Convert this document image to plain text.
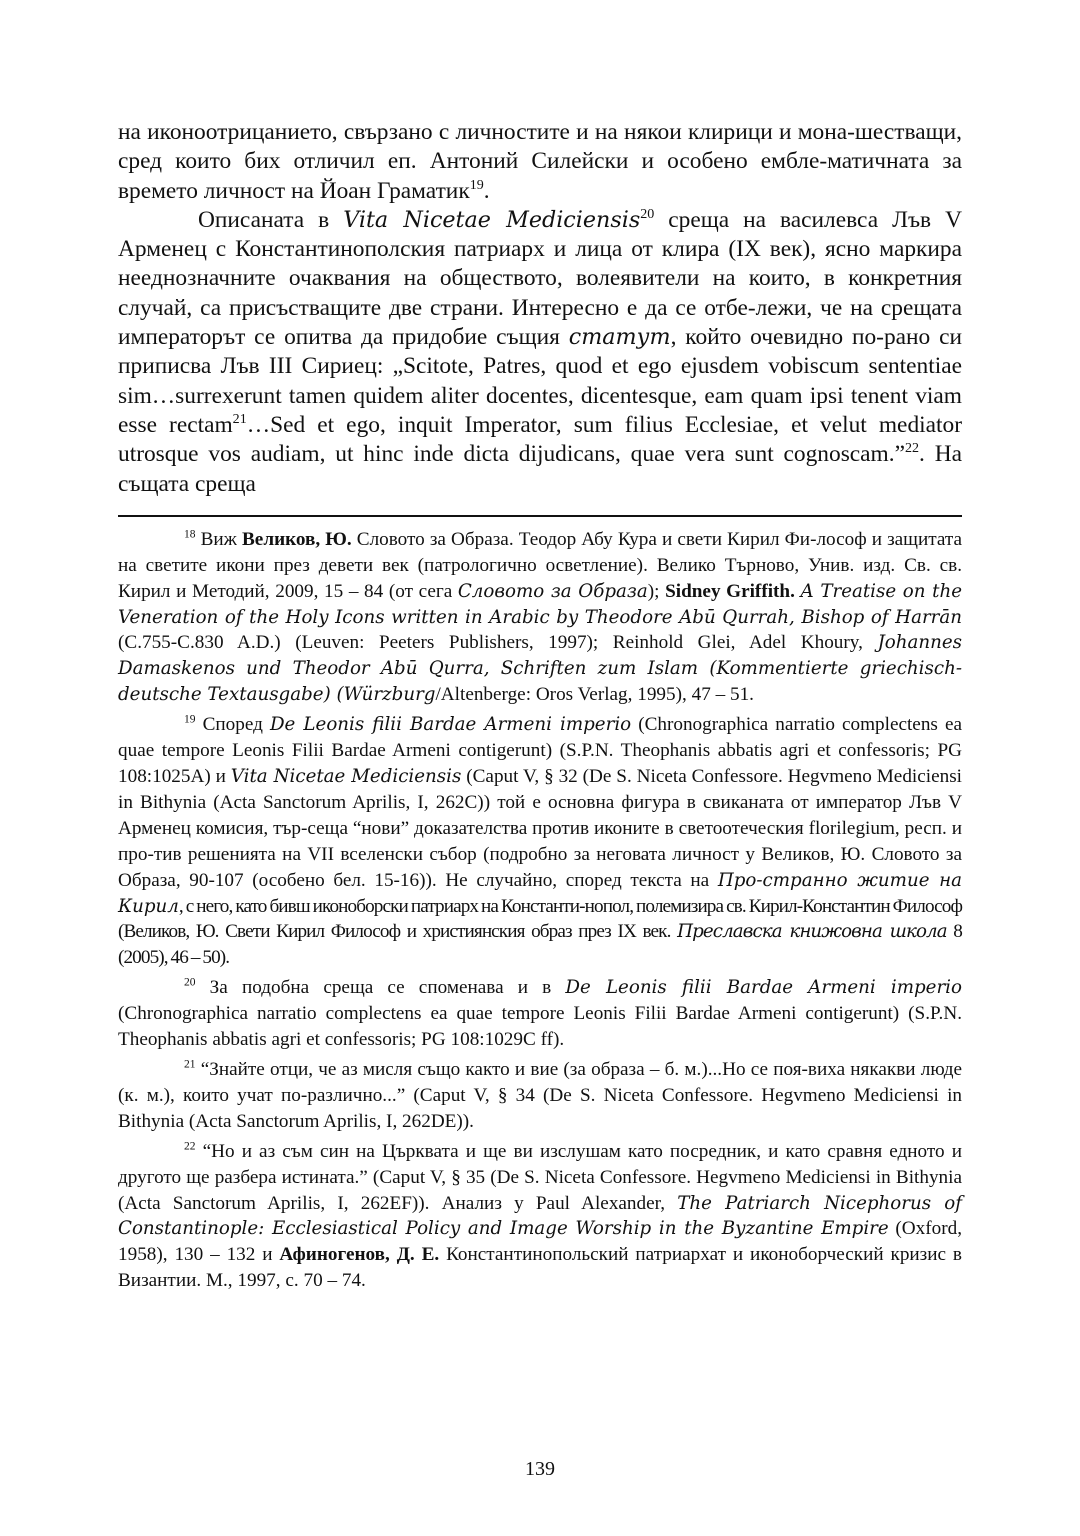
на иконоотрицанието, свързано с личностите и на някои клирици и мона-шестващи, сред които бих отличил еп. Антоний Силейски и особено ембле-матичната за времето личност на Йоан Граматик$^{19}$.

Описаната в Vita Nicetae Mediciensis$^{20}$ среща на василевса Лъв V Арменец с Константинополския патриарх и лица от клира (IX век), ясно маркира нееднозначните очаквания на обществото, волеявители на които, в конкретния случай, са присъстващите две страни. Интересно е да се отбе-лежи, че на срещата императорът се опитва да придобие същия статут, който очевидно по-рано си приписва Лъв III Сириец: „Scitote, Patres, quod et ego ejusdem vobiscum sententiae sim…surrexerunt tamen quidem aliter docentes, dicentesque, eam quam ipsi tenent viam esse rectam$^{21}$…Sed et ego, inquit Imperator, sum filius Ecclesiae, et velut mediator utrosque vos audiam, ut hinc inde dicta dijudicans, quae vera sunt cognoscam.”$^{22}$. На същата среща

$^{18}$ Виж Великов, Ю. Словото за Образа. Теодор Абу Кура и свети Кирил Фи-лософ и защитата на светите икони през девети век (патрологично осветление). Велико Търново, Унив. изд. Св. св. Кирил и Методий, 2009, 15 – 84 (от сега Словото за Образа); Sidney Griffith. A Treatise on the Veneration of the Holy Icons written in Arabic by Theodore Abū Qurrah, Bishop of Harrān (C.755-C.830 A.D.) (Leuven: Peeters Publishers, 1997); Reinhold Glei, Adel Khoury, Johannes Damaskenos und Theodor Abū Qurra, Schriften zum Islam (Kommentierte griechisch-deutsche Textausgabe) (Würzburg/Altenberge: Oros Verlag, 1995), 47 – 51.

$^{19}$ Според De Leonis filii Bardae Armeni imperio (Chronographica narratio complectens ea quae tempore Leonis Filii Bardae Armeni contigerunt) (S.P.N. Theophanis abbatis agri et confessoris; PG 108:1025A) и Vita Nicetae Mediciensis (Caput V, § 32 (De S. Niceta Confessore. Hegvmeno Mediciensi in Bithynia (Acta Sanctorum Aprilis, I, 262C)) той е основна фигура в свиканата от император Лъв V Арменец комисия, тър-сеща “нови” доказателства против иконите в светоотеческия florilegium, респ. и про-тив решенията на VII вселенски събор (подробно за неговата личност у Великов, Ю. Словото за Образа, 90-107 (особено бел. 15-16)). Не случайно, според текста на Про-странно житие на Кирил, с него, като бивш иконоборски патриарх на Константи-нопол, полемизира св. Кирил-Константин Философ (Великов, Ю. Свети Кирил Философ и християнския образ през IX век. Преславска книжовна школа 8 (2005), 46 – 50).

$^{20}$ За подобна среща се споменава и в De Leonis filii Bardae Armeni imperio (Chronographica narratio complectens ea quae tempore Leonis Filii Bardae Armeni contigerunt) (S.P.N. Theophanis abbatis agri et confessoris; PG 108:1029C ff).

$^{21}$ “Знайте отци, че аз мисля също както и вие (за образа – б. м.)...Но се поя-виха някакви люде (к. м.), които учат по-различно...” (Caput V, § 34 (De S. Niceta Confessore. Hegvmeno Mediciensi in Bithynia (Acta Sanctorum Aprilis, I, 262DE)).

$^{22}$ “Но и аз съм син на Църквата и ще ви изслушам като посредник, и като сравня едното и другото ще разбера истината.” (Caput V, § 35 (De S. Niceta Confessore. Hegvmeno Mediciensi in Bithynia (Acta Sanctorum Aprilis, I, 262EF)). Анализ у Paul Alexander, The Patriarch Nicephorus of Constantinople: Ecclesiastical Policy and Image Worship in the Byzantine Empire (Oxford, 1958), 130 – 132 и Афиногенов, Д. Е. Константинопольский патриархат и иконоборческий кризис в Византии. М., 1997, с. 70 – 74.

139
